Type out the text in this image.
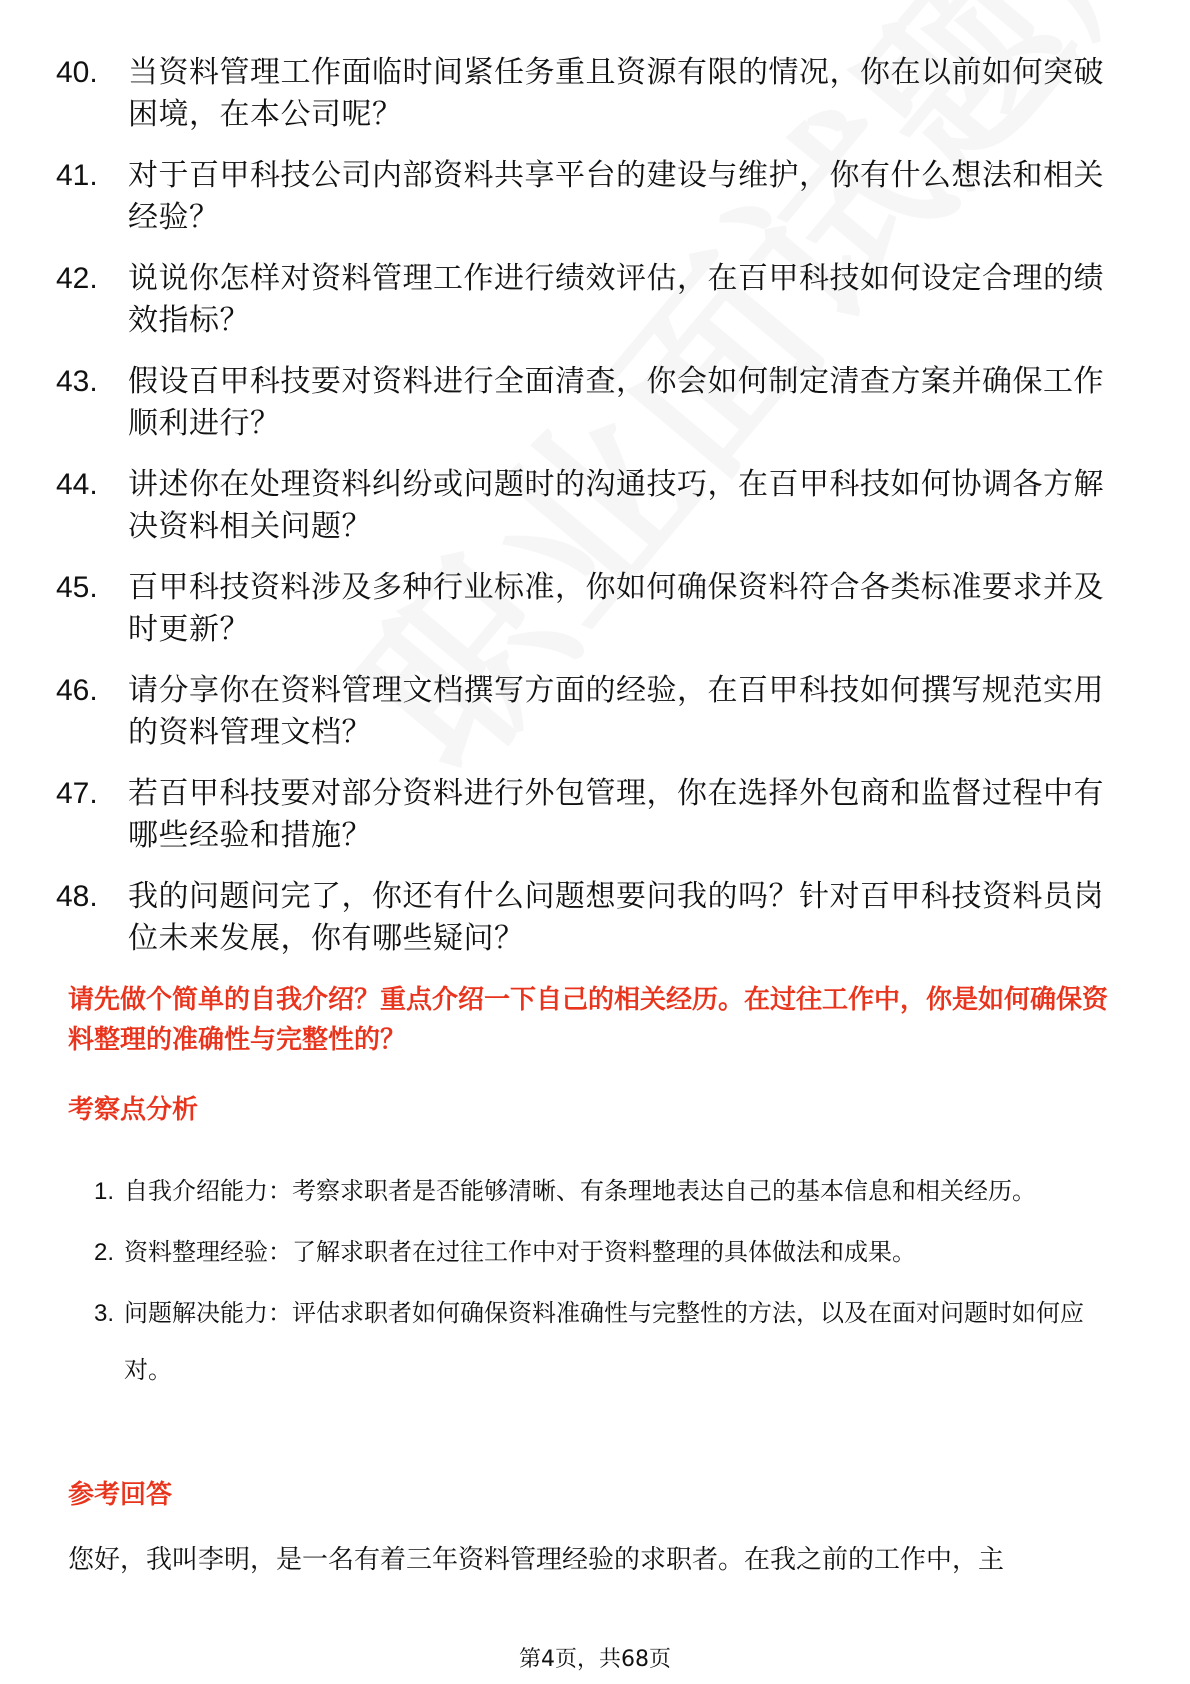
40.	当资料管理工作面临时间紧任务重且资源有限的情况，你在以前如何突破困境，在本公司呢？
41.	对于百甲科技公司内部资料共享平台的建设与维护，你有什么想法和相关经验？
42.	说说你怎样对资料管理工作进行绩效评估，在百甲科技如何设定合理的绩效指标？
43.	假设百甲科技要对资料进行全面清查，你会如何制定清查方案并确保工作顺利进行？
44.	讲述你在处理资料纠纷或问题时的沟通技巧，在百甲科技如何协调各方解决资料相关问题？
45.	百甲科技资料涉及多种行业标准，你如何确保资料符合各类标准要求并及时更新？
46.	请分享你在资料管理文档撰写方面的经验，在百甲科技如何撰写规范实用的资料管理文档？
47.	若百甲科技要对部分资料进行外包管理，你在选择外包商和监督过程中有哪些经验和措施？
48.	我的问题问完了，你还有什么问题想要问我的吗？针对百甲科技资料员岗位未来发展，你有哪些疑问？

请先做个简单的自我介绍？重点介绍一下自己的相关经历。在过往工作中，你是如何确保资料整理的准确性与完整性的？

考察点分析

1. 自我介绍能力：考察求职者是否能够清晰、有条理地表达自己的基本信息和相关经历。
2. 资料整理经验：了解求职者在过往工作中对于资料整理的具体做法和成果。
3. 问题解决能力：评估求职者如何确保资料准确性与完整性的方法，以及在面对问题时如何应对。

参考回答

您好，我叫李明，是一名有着三年资料管理经验的求职者。在我之前的工作中，主

第4页，共68页
